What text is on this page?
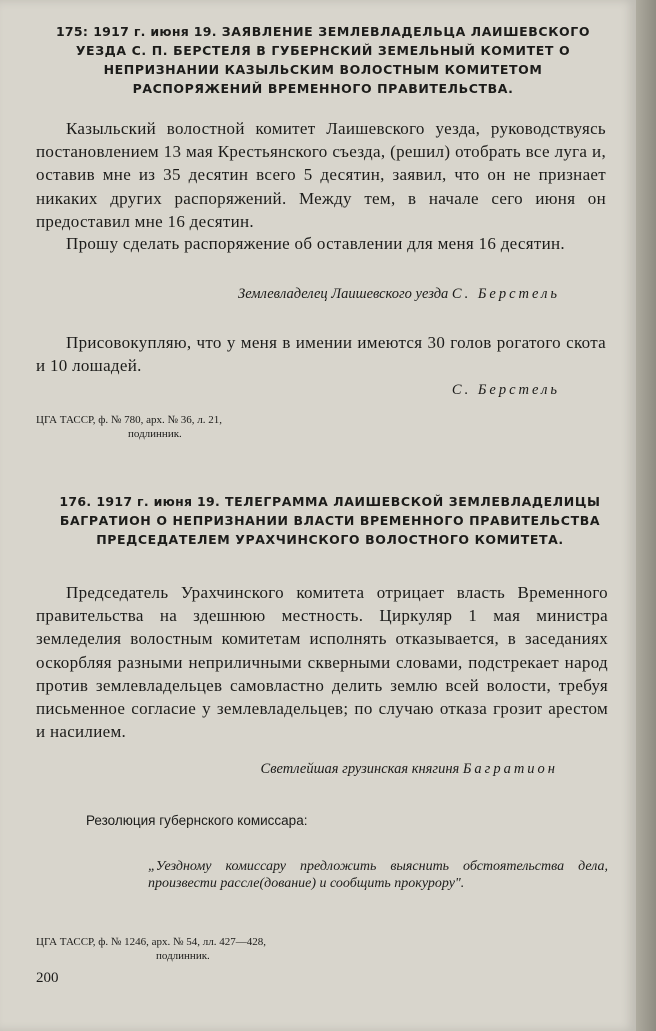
175: 1917 г. июня 19. ЗАЯВЛЕНИЕ ЗЕМЛЕВЛАДЕЛЬЦА ЛАИШЕВСКОГО УЕЗДА С. П. БЕРСТЕЛЯ В ГУБЕРНСКИЙ ЗЕМЕЛЬНЫЙ КОМИТЕТ О НЕПРИЗНАНИИ КАЗЫЛЬСКИМ ВОЛОСТНЫМ КОМИТЕТОМ РАСПОРЯЖЕНИЙ ВРЕМЕННОГО ПРАВИТЕЛЬСТВА.

Казыльский волостной комитет Лаишевского уезда, руководствуясь постановлением 13 мая Крестьянского съезда, (решил) отобрать все луга и, оставив мне из 35 десятин всего 5 десятин, заявил, что он не признает никаких других распоряжений. Между тем, в начале сего июня он предоставил мне 16 десятин.

Прошу сделать распоряжение об оставлении для меня 16 десятин.

Землевладелец Лаишевского уезда С. Берстель

Присовокупляю, что у меня в имении имеются 30 голов рогатого скота и 10 лошадей.

С. Берстель
ЦГА ТАССР, ф. № 780, арх. № 36, л. 21,
подлинник.
176. 1917 г. июня 19. ТЕЛЕГРАММА ЛАИШЕВСКОЙ ЗЕМЛЕВЛАДЕЛИЦЫ БАГРАТИОН О НЕПРИЗНАНИИ ВЛАСТИ ВРЕМЕННОГО ПРАВИТЕЛЬСТВА ПРЕДСЕДАТЕЛЕМ УРАХЧИНСКОГО ВОЛОСТНОГО КОМИТЕТА.

Председатель Урахчинского комитета отрицает власть Временного правительства на здешнюю местность. Циркуляр 1 мая министра земледелия волостным комитетам исполнять отказывается, в заседаниях оскорбляя разными неприличными скверными словами, подстрекает народ против землевладельцев самовластно делить землю всей волости, требуя письменное согласие у землевладельцев; по случаю отказа грозит арестом и насилием.

Светлейшая грузинская княгиня Багратион
Резолюция губернского комиссара:

„Уездному комиссару предложить выяснить обстоятельства дела, произвести рассле(дование) и сообщить прокурору".

ЦГА ТАССР, ф. № 1246, арх. № 54, лл. 427—428,
подлинник.
200
